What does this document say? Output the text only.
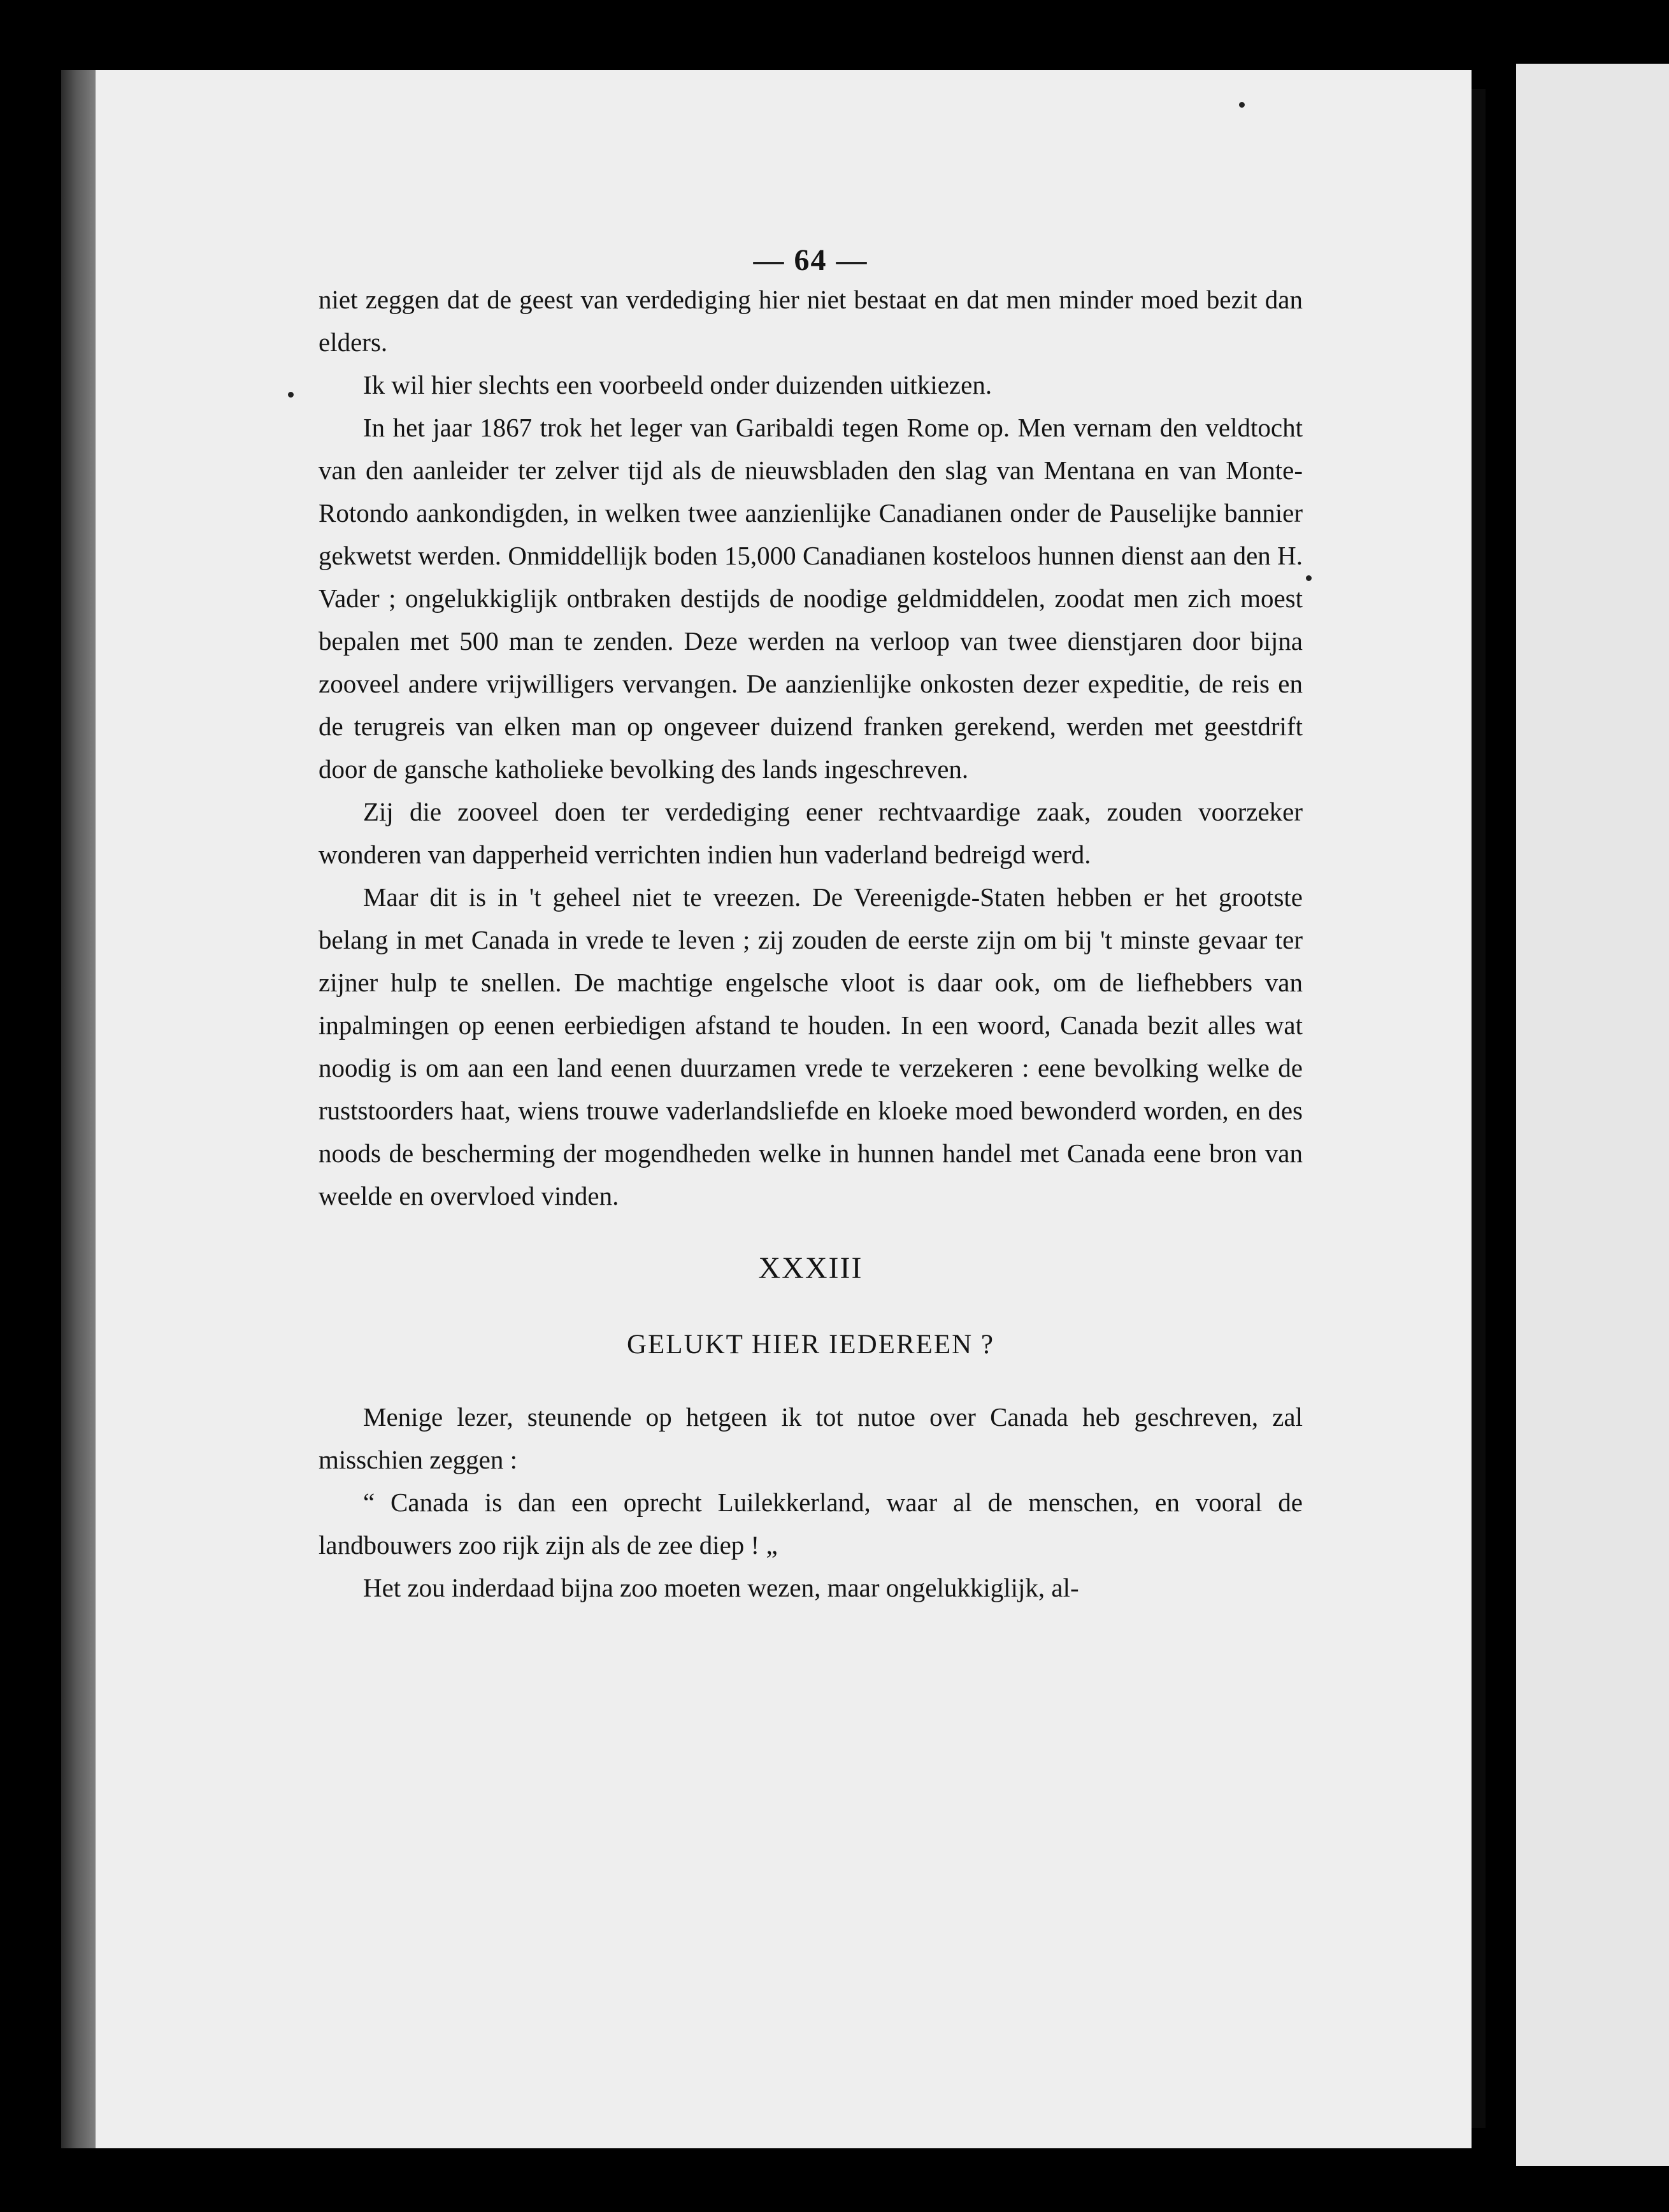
— 64 —

niet zeggen dat de geest van verdediging hier niet bestaat en dat men minder moed bezit dan elders.

Ik wil hier slechts een voorbeeld onder duizenden uitkiezen.

In het jaar 1867 trok het leger van Garibaldi tegen Rome op. Men vernam den veldtocht van den aanleider ter zelver tijd als de nieuwsbladen den slag van Mentana en van Monte-Rotondo aankondigden, in welken twee aanzienlijke Canadianen onder de Pauselijke bannier gekwetst werden. Onmiddellijk boden 15,000 Canadianen kosteloos hunnen dienst aan den H. Vader ; ongelukkiglijk ontbraken destijds de noodige geldmiddelen, zoodat men zich moest bepalen met 500 man te zenden. Deze werden na verloop van twee dienstjaren door bijna zooveel andere vrijwilligers vervangen. De aanzienlijke onkosten dezer expeditie, de reis en de terugreis van elken man op ongeveer duizend franken gerekend, werden met geestdrift door de gansche katholieke bevolking des lands ingeschreven.

Zij die zooveel doen ter verdediging eener rechtvaardige zaak, zouden voorzeker wonderen van dapperheid verrichten indien hun vaderland bedreigd werd.

Maar dit is in 't geheel niet te vreezen. De Vereenigde-Staten hebben er het grootste belang in met Canada in vrede te leven ; zij zouden de eerste zijn om bij 't minste gevaar ter zijner hulp te snellen. De machtige engelsche vloot is daar ook, om de liefhebbers van inpalmingen op eenen eerbiedigen afstand te houden. In een woord, Canada bezit alles wat noodig is om aan een land eenen duurzamen vrede te verzekeren : eene bevolking welke de ruststoorders haat, wiens trouwe vaderlandsliefde en kloeke moed bewonderd worden, en des noods de bescherming der mogendheden welke in hunnen handel met Canada eene bron van weelde en overvloed vinden.

XXXIII
GELUKT HIER IEDEREEN ?

Menige lezer, steunende op hetgeen ik tot nutoe over Canada heb geschreven, zal misschien zeggen :

“ Canada is dan een oprecht Luilekkerland, waar al de menschen, en vooral de landbouwers zoo rijk zijn als de zee diep ! „

Het zou inderdaad bijna zoo moeten wezen, maar ongelukkiglijk, al-
